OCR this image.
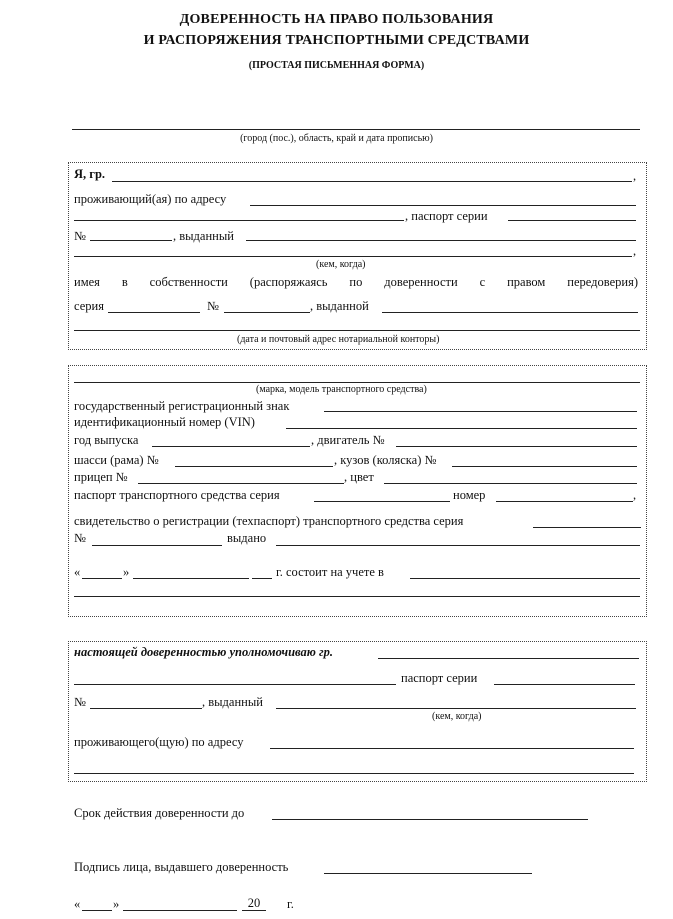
ДОВЕРЕННОСТЬ НА ПРАВО ПОЛЬЗОВАНИЯ
И РАСПОРЯЖЕНИЯ ТРАНСПОРТНЫМИ СРЕДСТВАМИ
(ПРОСТАЯ ПИСЬМЕННАЯ ФОРМА)
(город (пос.), область, край и дата прописью)
Я, гр.	,
проживающий(ая) по адресу
, паспорт серии
№	, выданный
,
(кем, когда)
имея в собственности (распоряжаясь по доверенности с правом передоверия)
серия	№	, выданной
(дата и почтовый адрес нотариальной конторы)
(марка, модель транспортного средства)
государственный регистрационный знак
идентификационный номер (VIN)
год выпуска	, двигатель №
шасси (рама) №	, кузов (коляска) №
прицеп №	, цвет
паспорт транспортного средства серия	номер	,
свидетельство о регистрации (техпаспорт) транспортного средства серия
№	выдано
«	»	г. состоит на учете в
настоящей доверенностью уполномочиваю гр.
паспорт серии
№	, выданный
(кем, когда)
проживающего(щую) по адресу
Срок действия доверенности до
Подпись лица, выдавшего доверенность
«	»	20	г.
